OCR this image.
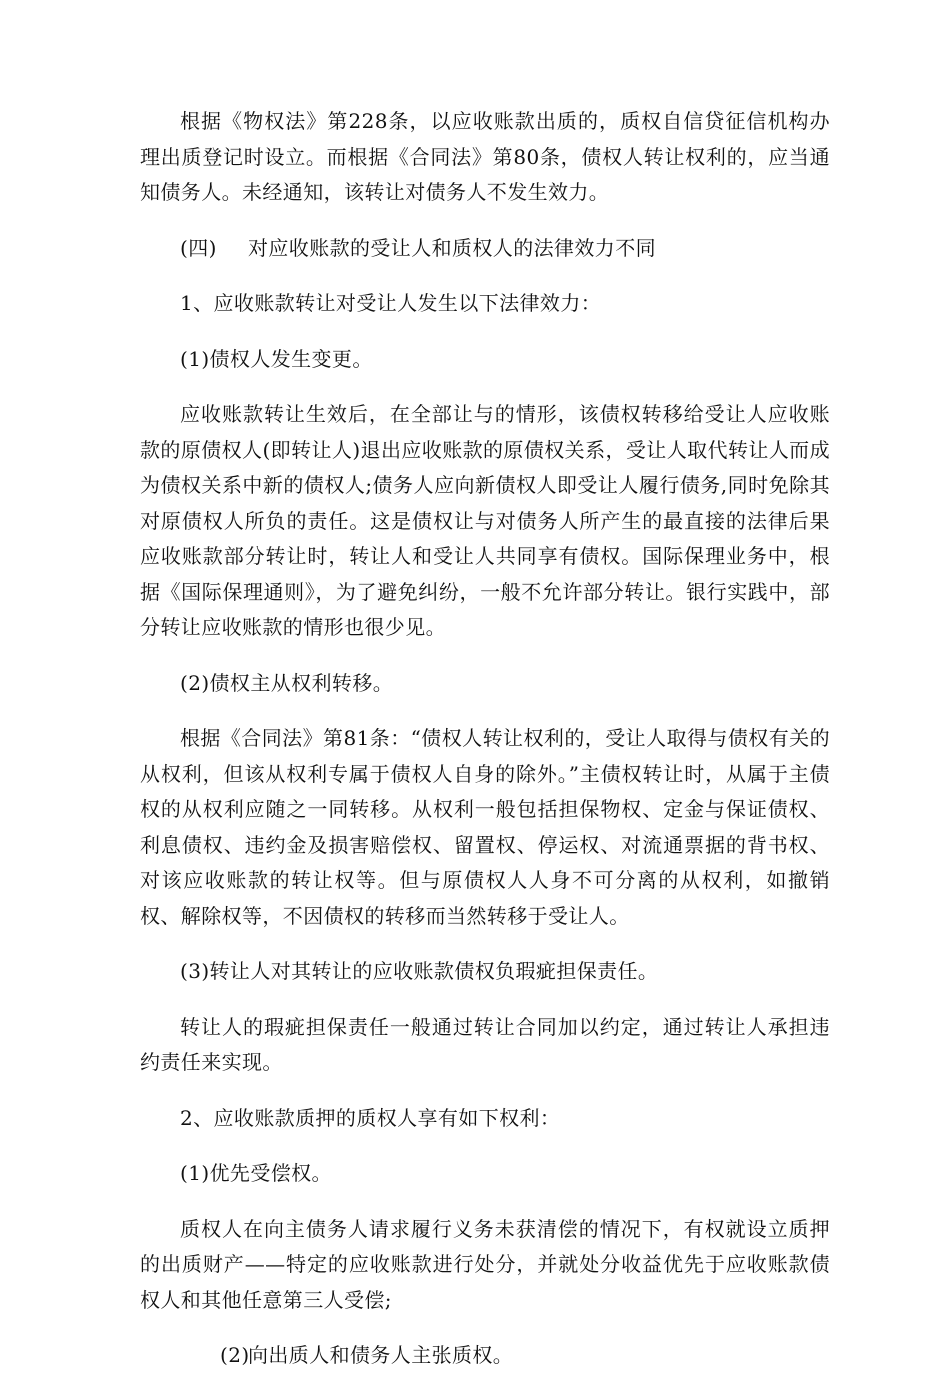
根据《物权法》第228条，以应收账款出质的，质权自信贷征信机构办理出质登记时设立。而根据《合同法》第80条，债权人转让权利的，应当通知债务人。未经通知，该转让对债务人不发生效力。

(四) 对应收账款的受让人和质权人的法律效力不同

1、应收账款转让对受让人发生以下法律效力：

(1)债权人发生变更。

应收账款转让生效后，在全部让与的情形，该债权转移给受让人应收账款的原债权人(即转让人)退出应收账款的原债权关系，受让人取代转让人而成为债权关系中新的债权人;债务人应向新债权人即受让人履行债务,同时免除其对原债权人所负的责任。这是债权让与对债务人所产生的最直接的法律后果应收账款部分转让时，转让人和受让人共同享有债权。国际保理业务中，根据《国际保理通则》，为了避免纠纷，一般不允许部分转让。银行实践中，部分转让应收账款的情形也很少见。

(2)债权主从权利转移。

根据《合同法》第81条：“债权人转让权利的，受让人取得与债权有关的从权利，但该从权利专属于债权人自身的除外。”主债权转让时，从属于主债权的从权利应随之一同转移。从权利一般包括担保物权、定金与保证债权、利息债权、违约金及损害赔偿权、留置权、停运权、对流通票据的背书权、对该应收账款的转让权等。但与原债权人人身不可分离的从权利，如撤销权、解除权等，不因债权的转移而当然转移于受让人。

(3)转让人对其转让的应收账款债权负瑕疵担保责任。

转让人的瑕疵担保责任一般通过转让合同加以约定，通过转让人承担违约责任来实现。

2、应收账款质押的质权人享有如下权利：

(1)优先受偿权。

质权人在向主债务人请求履行义务未获清偿的情况下，有权就设立质押的出质财产——特定的应收账款进行处分，并就处分收益优先于应收账款债权人和其他任意第三人受偿;

(2)向出质人和债务人主张质权。
